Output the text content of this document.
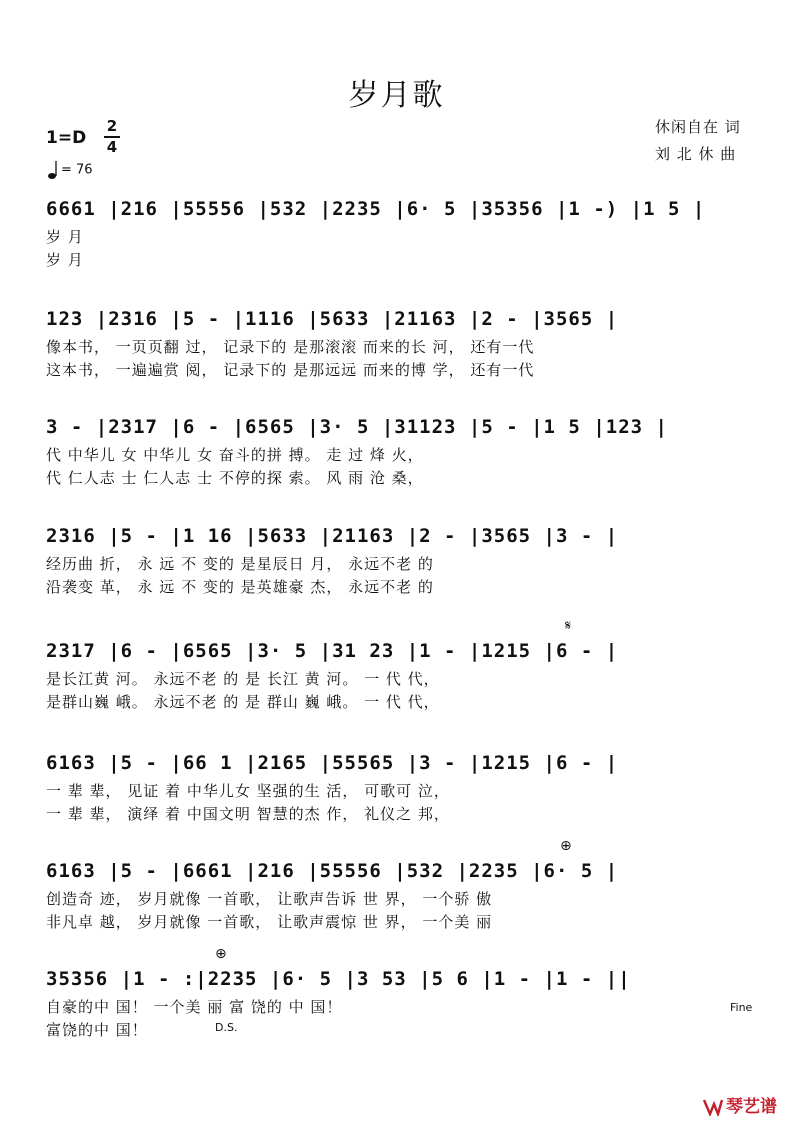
岁月歌
1=D
2
4
= 76
休闲自在 词
刘 北 休 曲
6661 |216 |55556 |532 |2235 |6· 5 |35356 |1 -) |1 5 |
岁 月
岁 月
123 |2316 |5 - |1116 |5633 |21163 |2 - |3565 |
像本书， 一页页翻 过， 记录下的 是那滚滚 而来的长 河， 还有一代
这本书， 一遍遍赏 阅， 记录下的 是那远远 而来的博 学， 还有一代
3 - |2317 |6 - |6565 |3· 5 |31123 |5 - |1 5 |123 |
代 中华儿 女 中华儿 女 奋斗的拼 搏。 走 过 烽 火，
代 仁人志 士 仁人志 士 不停的探 索。 风 雨 沧 桑，
2316 |5 - |1 16 |5633 |21163 |2 - |3565 |3 - |
经历曲 折， 永 远 不 变的 是星辰日 月， 永远不老 的
沿袭变 革， 永 远 不 变的 是英雄豪 杰， 永远不老 的
2317 |6 - |6565 |3· 5 |31 23 |1 - |1215 |6 - |
是长江黄 河。 永远不老 的 是 长江 黄 河。 一 代 代，
是群山巍 峨。 永远不老 的 是 群山 巍 峨。 一 代 代，
6163 |5 - |66 1 |2165 |55565 |3 - |1215 |6 - |
一 辈 辈， 见证 着 中华儿女 坚强的生 活， 可歌可 泣，
一 辈 辈， 演绎 着 中国文明 智慧的杰 作， 礼仪之 邦，
6163 |5 - |6661 |216 |55556 |532 |2235 |6· 5 |
创造奇 迹， 岁月就像 一首歌， 让歌声告诉 世 界， 一个骄 傲
非凡卓 越， 岁月就像 一首歌， 让歌声震惊 世 界， 一个美 丽
35356 |1 - :|2235 |6· 5 |3 53 |5 6 |1 - |1 - ||
自豪的中 国！ 一个美 丽 富 饶的 中 国！
富饶的中 国！
𝄋
⊕
⊕
D.S.
Fine
琴艺谱
